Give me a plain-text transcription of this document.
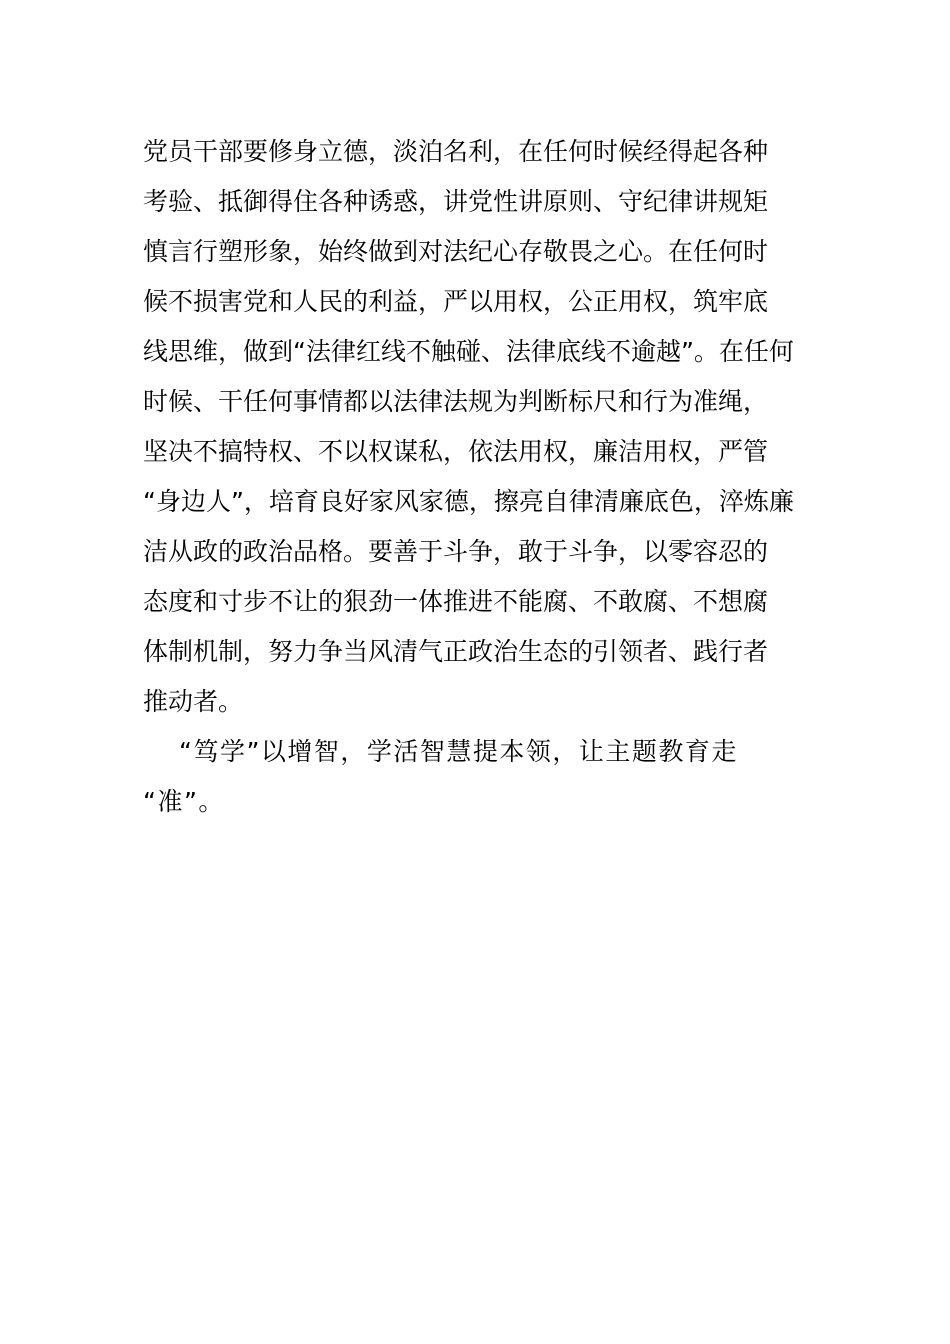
党员干部要修身立德，淡泊名利，在任何时候经得起各种
考验、抵御得住各种诱惑，讲党性讲原则、守纪律讲规矩
慎言行塑形象，始终做到对法纪心存敬畏之心。在任何时
候不损害党和人民的利益，严以用权，公正用权，筑牢底
线思维，做到“法律红线不触碰、法律底线不逾越”。在任何
时候、干任何事情都以法律法规为判断标尺和行为准绳，
坚决不搞特权、不以权谋私，依法用权，廉洁用权，严管
“身边人”，培育良好家风家德，擦亮自律清廉底色，淬炼廉
洁从政的政治品格。要善于斗争，敢于斗争，以零容忍的
态度和寸步不让的狠劲一体推进不能腐、不敢腐、不想腐
体制机制，努力争当风清气正政治生态的引领者、践行者
推动者。
“笃学”以增智，学活智慧提本领，让主题教育走
“准”。
